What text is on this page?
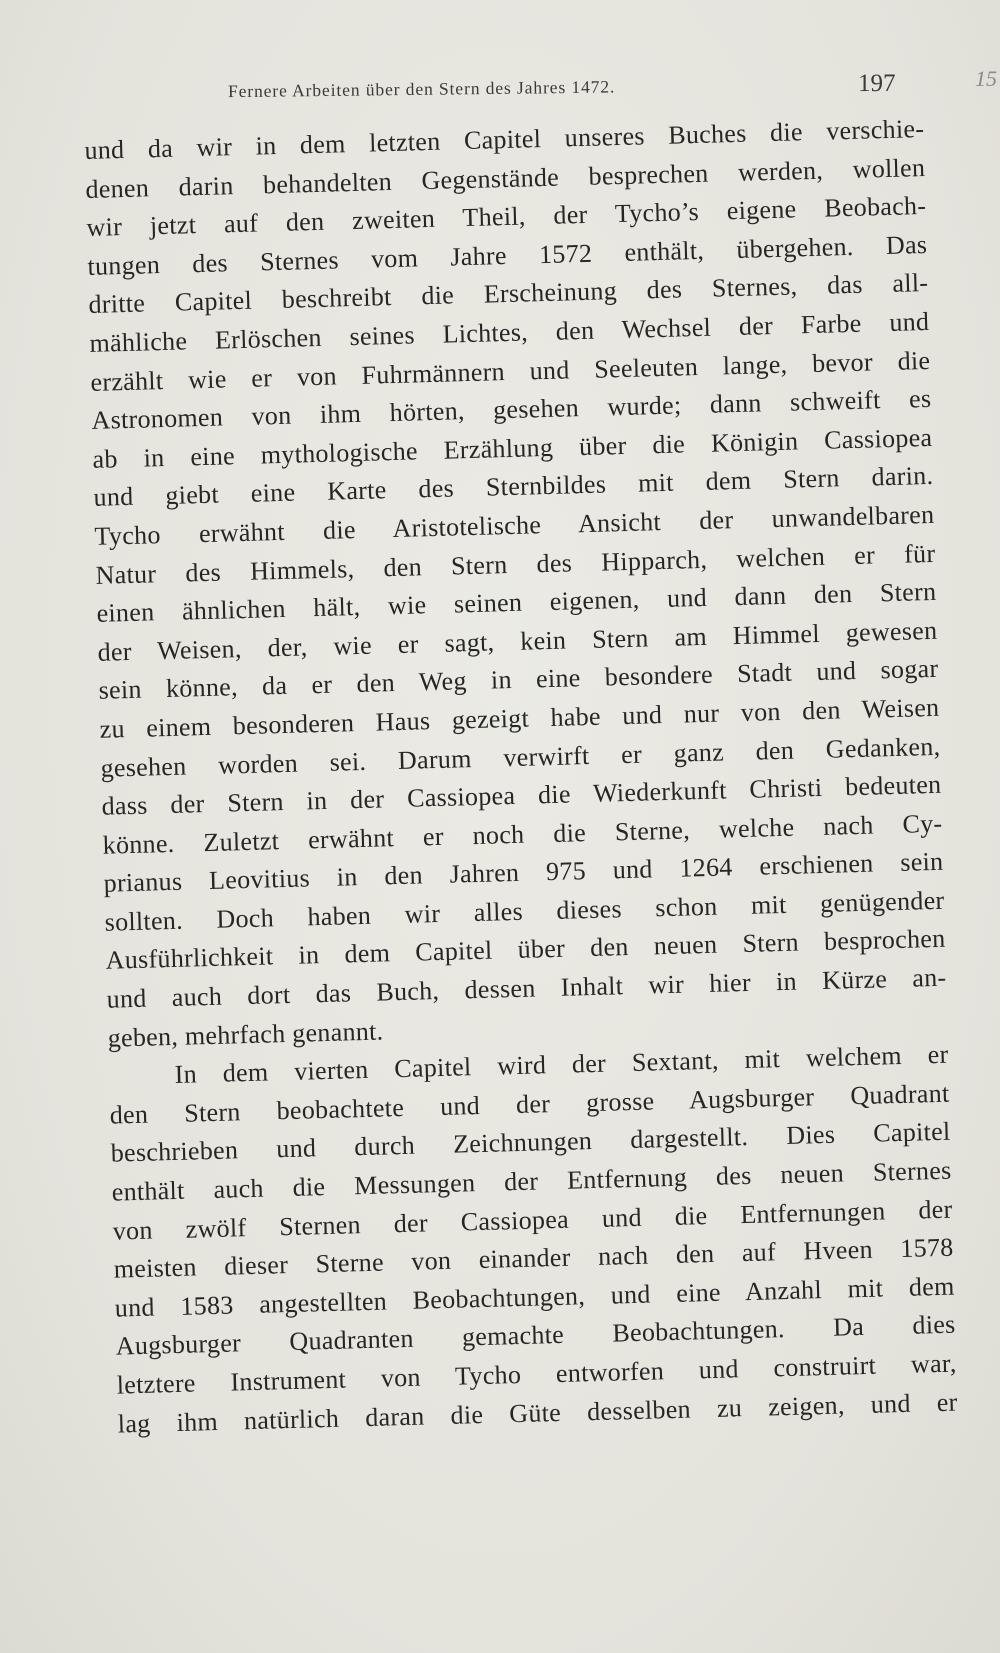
Fernere Arbeiten über den Stern des Jahres 1472.	197	15
und da wir in dem letzten Capitel unseres Buches die verschie-
denen darin behandelten Gegenstände besprechen werden, wollen
wir jetzt auf den zweiten Theil, der Tycho’s eigene Beobach-
tungen des Sternes vom Jahre 1572 enthält, übergehen. Das
dritte Capitel beschreibt die Erscheinung des Sternes, das all-
mähliche Erlöschen seines Lichtes, den Wechsel der Farbe und
erzählt wie er von Fuhrmännern und Seeleuten lange, bevor die
Astronomen von ihm hörten, gesehen wurde; dann schweift es
ab in eine mythologische Erzählung über die Königin Cassiopea
und giebt eine Karte des Sternbildes mit dem Stern darin.
Tycho erwähnt die Aristotelische Ansicht der unwandelbaren
Natur des Himmels, den Stern des Hipparch, welchen er für
einen ähnlichen hält, wie seinen eigenen, und dann den Stern
der Weisen, der, wie er sagt, kein Stern am Himmel gewesen
sein könne, da er den Weg in eine besondere Stadt und sogar
zu einem besonderen Haus gezeigt habe und nur von den Weisen
gesehen worden sei. Darum verwirft er ganz den Gedanken,
dass der Stern in der Cassiopea die Wiederkunft Christi bedeuten
könne. Zuletzt erwähnt er noch die Sterne, welche nach Cy-
prianus Leovitius in den Jahren 975 und 1264 erschienen sein
sollten. Doch haben wir alles dieses schon mit genügender
Ausführlichkeit in dem Capitel über den neuen Stern besprochen
und auch dort das Buch, dessen Inhalt wir hier in Kürze an-
geben, mehrfach genannt.
In dem vierten Capitel wird der Sextant, mit welchem er
den Stern beobachtete und der grosse Augsburger Quadrant
beschrieben und durch Zeichnungen dargestellt. Dies Capitel
enthält auch die Messungen der Entfernung des neuen Sternes
von zwölf Sternen der Cassiopea und die Entfernungen der
meisten dieser Sterne von einander nach den auf Hveen 1578
und 1583 angestellten Beobachtungen, und eine Anzahl mit dem
Augsburger Quadranten gemachte Beobachtungen. Da dies
letztere Instrument von Tycho entworfen und construirt war,
lag ihm natürlich daran die Güte desselben zu zeigen, und er
